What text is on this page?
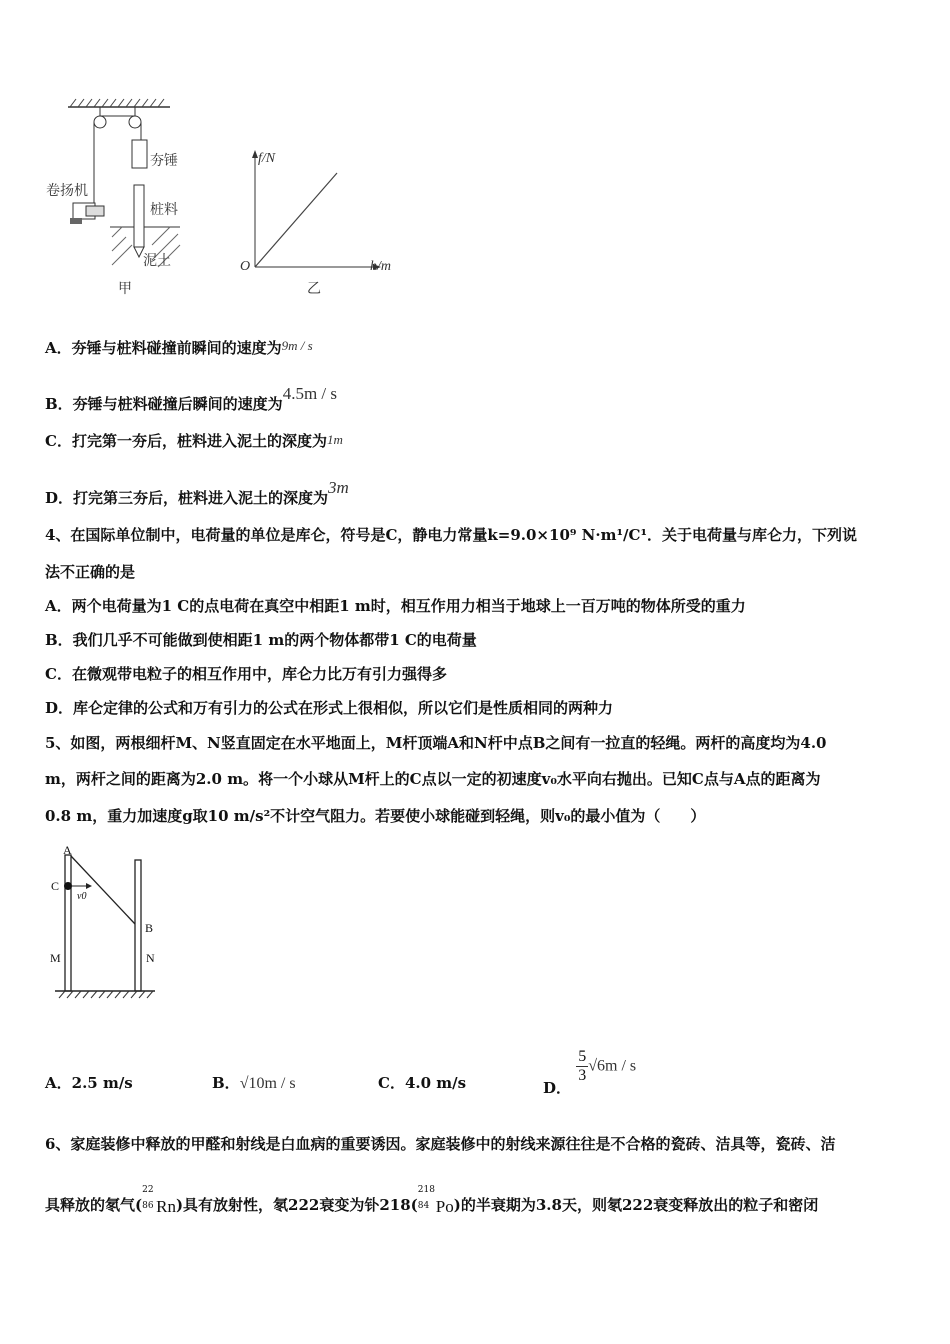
夯锤
卷扬机
桩料
泥土
甲
f/N
O	h/m
乙
A．夯锤与桩料碰撞前瞬间的速度为9m / s
B．夯锤与桩料碰撞后瞬间的速度为4.5m / s
C．打完第一夯后，桩料进入泥土的深度为1m
D．打完第三夯后，桩料进入泥土的深度为3m
4、在国际单位制中，电荷量的单位是库仑，符号是C，静电力常量k=9.0×10⁹ N·m¹/C¹．关于电荷量与库仑力，下列说
法不正确的是
A．两个电荷量为1 C的点电荷在真空中相距1 m时，相互作用力相当于地球上一百万吨的物体所受的重力
B．我们几乎不可能做到使相距1 m的两个物体都带1 C的电荷量
C．在微观带电粒子的相互作用中，库仑力比万有引力强得多
D．库仑定律的公式和万有引力的公式在形式上很相似，所以它们是性质相同的两种力
5、如图，两根细杆M、N竖直固定在水平地面上，M杆顶端A和N杆中点B之间有一拉直的轻绳。两杆的高度均为4.0
m，两杆之间的距离为2.0 m。将一个小球从M杆上的C点以一定的初速度v₀水平向右抛出。已知C点与A点的距离为
0.8 m，重力加速度g取10 m/s²不计空气阻力。若要使小球能碰到轻绳，则v₀的最小值为（　　）
A
C
v0
B
M	N
A．2.5 m/s	B．√10m / s	C．4.0 m/s	D．
$\frac{5}{3} √6m$ / s
6、家庭装修中释放的甲醛和射线是白血病的重要诱因。家庭装修中的射线来源往往是不合格的瓷砖、洁具等，瓷砖、洁
具释放的氡气(
22
86 Rn)具有放射性，氡222衰变为钋218(
218
84 Po)的半衰期为3.8天，则氡222衰变释放出的粒子和密闭
